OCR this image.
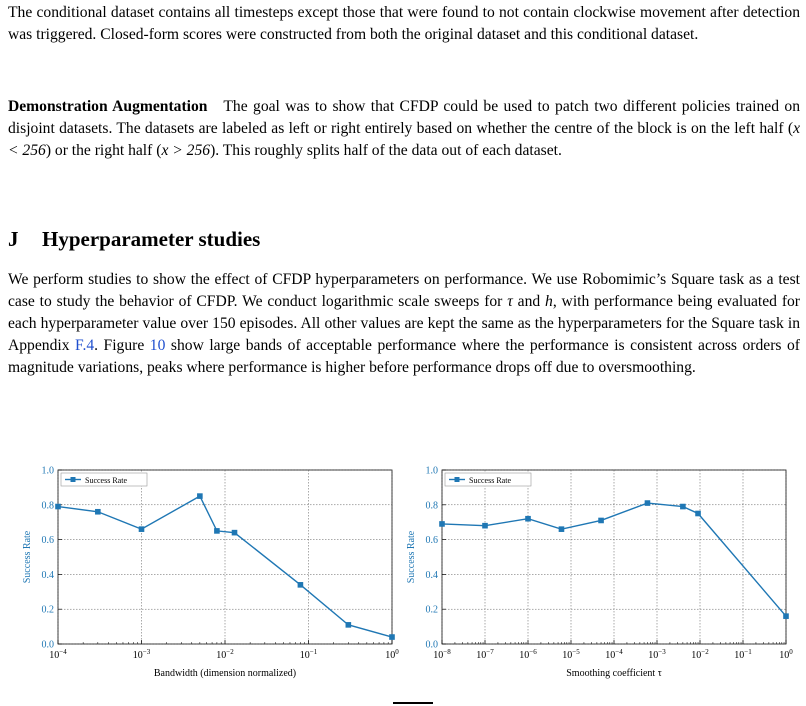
The conditional dataset contains all timesteps except those that were found to not contain clockwise movement after detection was triggered. Closed-form scores were constructed from both the original dataset and this conditional dataset.

Demonstration Augmentation The goal was to show that CFDP could be used to patch two different policies trained on disjoint datasets. The datasets are labeled as left or right entirely based on whether the centre of the block is on the left half (x < 256) or the right half (x > 256). This roughly splits half of the data out of each dataset.

J Hyperparameter studies

We perform studies to show the effect of CFDP hyperparameters on performance. We use Robomimic’s Square task as a test case to study the behavior of CFDP. We conduct logarithmic scale sweeps for τ and h, with performance being evaluated for each hyperparameter value over 150 episodes. All other values are kept the same as the hyperparameters for the Square task in Appendix F.4. Figure 10 show large bands of acceptable performance where the performance is consistent across orders of magnitude variations, peaks where performance is higher before performance drops off due to oversmoothing.

0.0
0.2
0.4
0.6
0.8
1.0
$10^{-4}$	$10^{-3}$	$10^{-2}$	$10^{-1}$	$10^0$
Success Rate
Bandwidth (dimension normalized)
Success Rate
0.0
0.2
0.4
0.6
0.8
1.0
$10^{-8}$	$10^{-7}$	$10^{-6}$	$10^{-5}$	$10^{-4}$	$10^{-3}$	$10^{-2}$	$10^{-1}$	$10^0$
Success Rate
Smoothing coefficient τ
Success Rate
